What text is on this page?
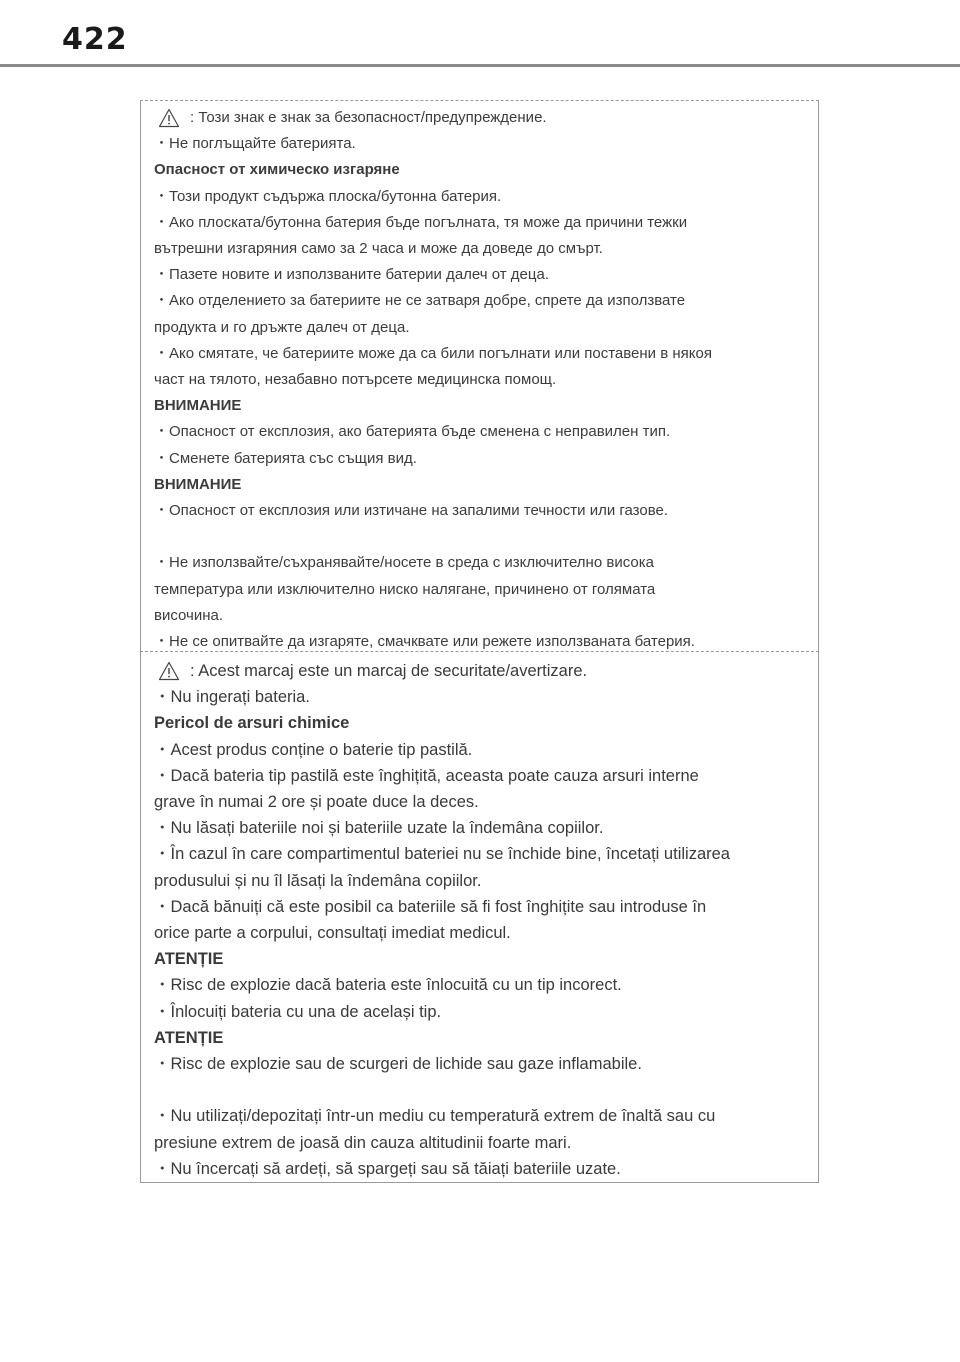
422
: Този знак е знак за безопасност/предупреждение.

・Не поглъщайте батерията.

Опасност от химическо изгаряне

・Този продукт съдържа плоска/бутонна батерия.

・Ако плоската/бутонна батерия бъде погълната, тя може да причини тежки

вътрешни изгаряния само за 2 часа и може да доведе до смърт.

・Пазете новите и използваните батерии далеч от деца.

・Ако отделението за батериите не се затваря добре, спрете да използвате

продукта и го дръжте далеч от деца.

・Ако смятате, че батериите може да са били погълнати или поставени в някоя

част на тялото, незабавно потърсете медицинска помощ.

ВНИМАНИЕ

・Опасност от експлозия, ако батерията бъде сменена с неправилен тип.

・Сменете батерията със същия вид.

ВНИМАНИЕ

・Опасност от експлозия или изтичане на запалими течности или газове.

・Не използвайте/съхранявайте/носете в среда с изключително висока

температура или изключително ниско налягане, причинено от голямата

височина.

・Не се опитвайте да изгаряте, смачквате или режете използваната батерия.

: Acest marcaj este un marcaj de securitate/avertizare.

・Nu ingerați bateria.

Pericol de arsuri chimice

・Acest produs conține o baterie tip pastilă.

・Dacă bateria tip pastilă este înghițită, aceasta poate cauza arsuri interne

grave în numai 2 ore și poate duce la deces.

・Nu lăsați bateriile noi și bateriile uzate la îndemâna copiilor.

・În cazul în care compartimentul bateriei nu se închide bine, încetați utilizarea

produsului și nu îl lăsați la îndemâna copiilor.

・Dacă bănuiți că este posibil ca bateriile să fi fost înghițite sau introduse în

orice parte a corpului, consultați imediat medicul.

ATENȚIE

・Risc de explozie dacă bateria este înlocuită cu un tip incorect.

・Înlocuiți bateria cu una de același tip.

ATENȚIE

・Risc de explozie sau de scurgeri de lichide sau gaze inflamabile.

・Nu utilizați/depozitați într-un mediu cu temperatură extrem de înaltă sau cu

presiune extrem de joasă din cauza altitudinii foarte mari.

・Nu încercați să ardeți, să spargeți sau să tăiați bateriile uzate.
